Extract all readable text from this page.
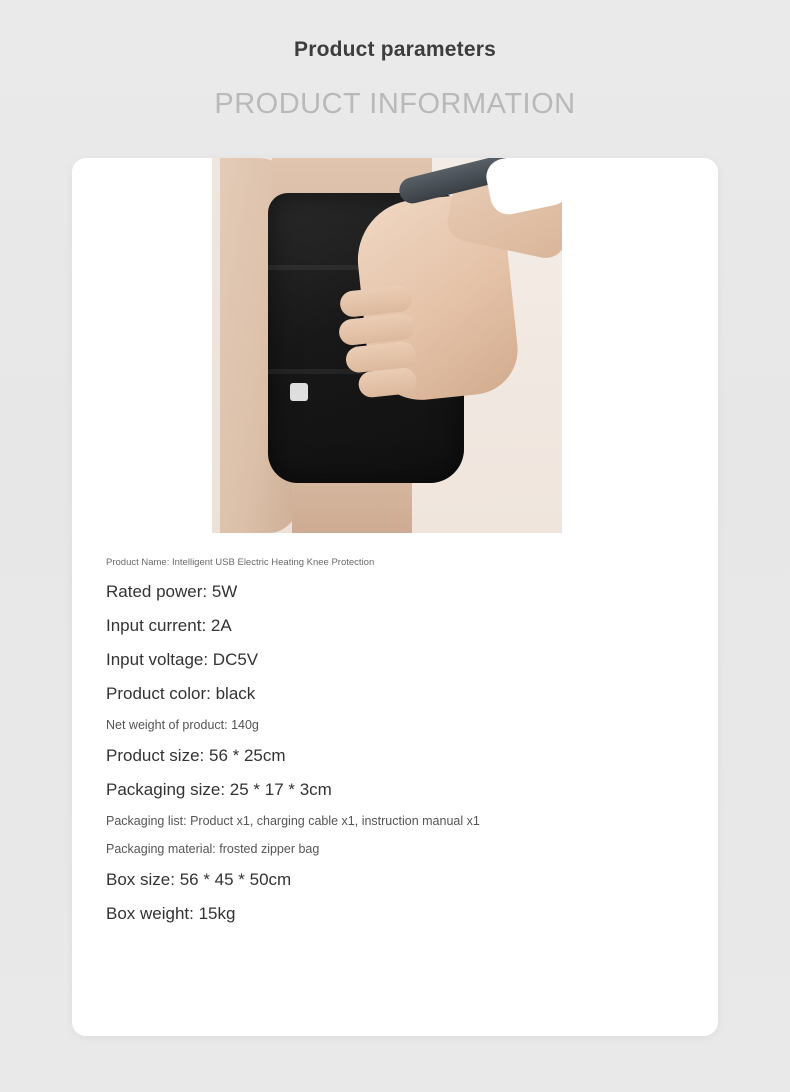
Product parameters
PRODUCT INFORMATION
Product Name: Intelligent USB Electric Heating Knee Protection
Rated power: 5W
Input current: 2A
Input voltage: DC5V
Product color: black
Net weight of product: 140g
Product size: 56 * 25cm
Packaging size: 25 * 17 * 3cm
Packaging list: Product x1, charging cable x1, instruction manual x1
Packaging material: frosted zipper bag
Box size: 56 * 45 * 50cm
Box weight: 15kg
